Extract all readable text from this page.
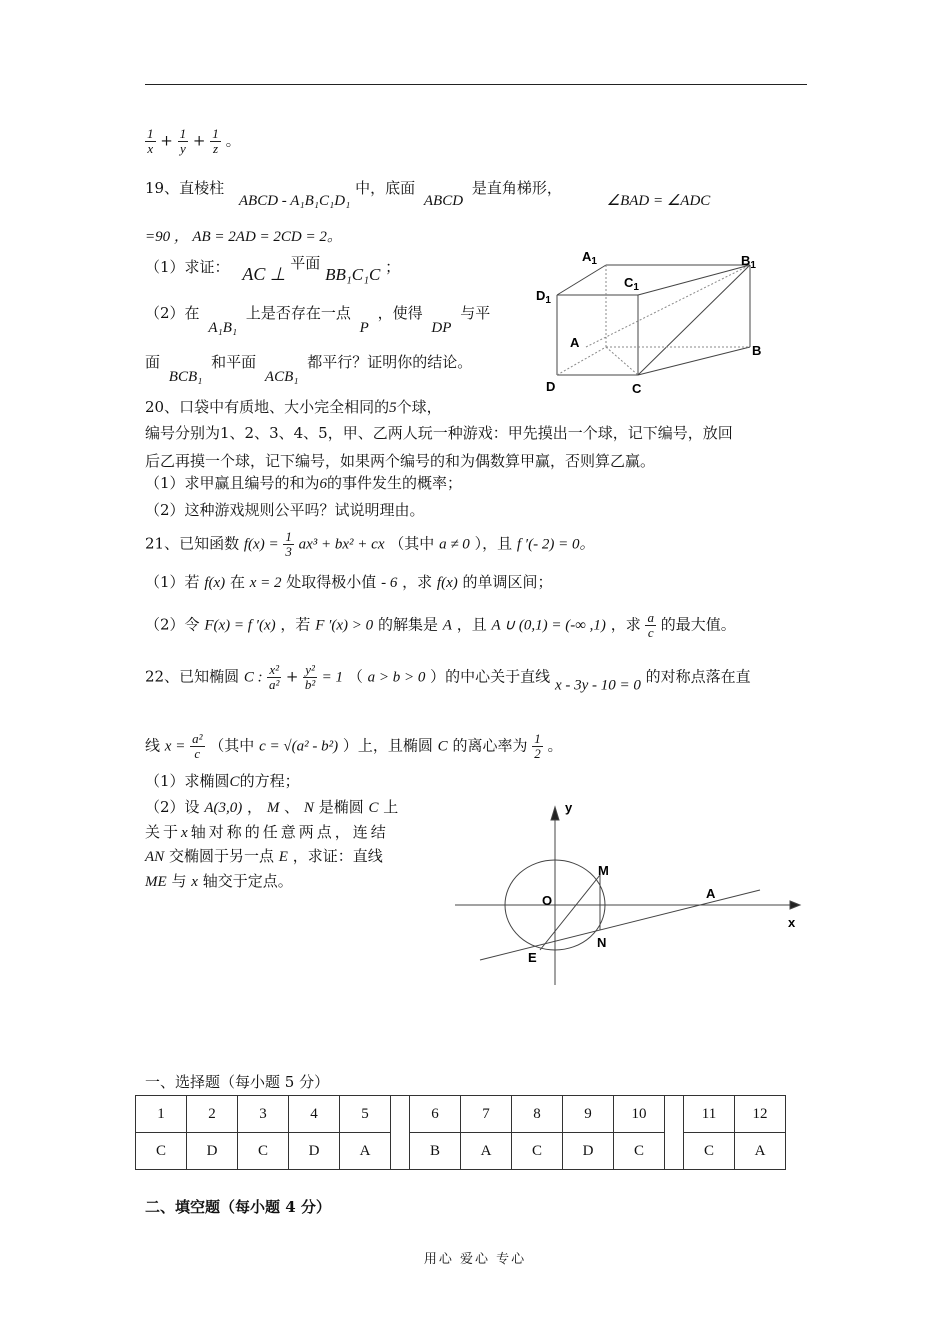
$\frac{1}{x} + \frac{1}{y} + \frac{1}{z}$ 。
19、直棱柱 ABCD - A₁B₁C₁D₁ 中，底面 ABCD 是直角梯形， ∠BAD = ∠ADC
=90 ， AB = 2AD = 2CD = 2。
（1）求证： AC ⊥ 平面 BB₁C₁C ；
（2）在 A₁B₁ 上是否存在一点 P ，使得 DP 与平
面 BCB₁ 和平面 ACB₁ 都平行？证明你的结论。
$A_1$	$B_1$
$C_1$
$D_1$
A
B
C
D
20、口袋中有质地、大小完全相同的5个球，
编号分别为1、2、3、4、5，甲、乙两人玩一种游戏：甲先摸出一个球，记下编号，放回
后乙再摸一个球，记下编号，如果两个编号的和为偶数算甲赢，否则算乙赢。
（1）求甲赢且编号的和为6的事件发生的概率；
（2）这种游戏规则公平吗？试说明理由。
21、已知函数 $f(x) = \frac{1}{3} ax^3 + bx^2$ + cx （其中 a ≠ 0 ），且 f ′(- 2) = 0。
（1）若 f(x) 在 x = 2 处取得极小值 - 6 ，求 f(x) 的单调区间；
（2）令 F(x) = f ′(x) ，若 F ′(x) > 0 的解集是 A ，且 A ∪ (0,1) = (-∞ ,1) ，求 $\frac{a}{c}$ 的最大值。
22、已知椭圆 C : $\frac{\text{x²}}{\text{a²}} + \frac{\text{y²}}{\text{b²}} = 1$ （ a > b > 0 ）的中心关于直线 x - 3y - 10 = 0 的对称点落在直
线 $x = \frac{\text{a²}}{c}$ （其中 c = √(a² - b²) ）上，且椭圆 C 的离心率为 $\frac{1}{2}$ 。
（1）求椭圆C的方程；
（2）设 A(3,0) ， M 、 N 是椭圆 C 上
关于x轴对称的任意两点，连结
AN 交椭圆于另一点 E ，求证：直线
ME 与 x 轴交于定点。
y
x
O
M
N
E
A
一、选择题（每小题 5 分）
1	2	3	4	5		6	7	8	9	10		11	12
C	D	C	D	A		B	A	C	D	C		C	A
二、填空题（每小题 4 分）
用心 爱心 专心
